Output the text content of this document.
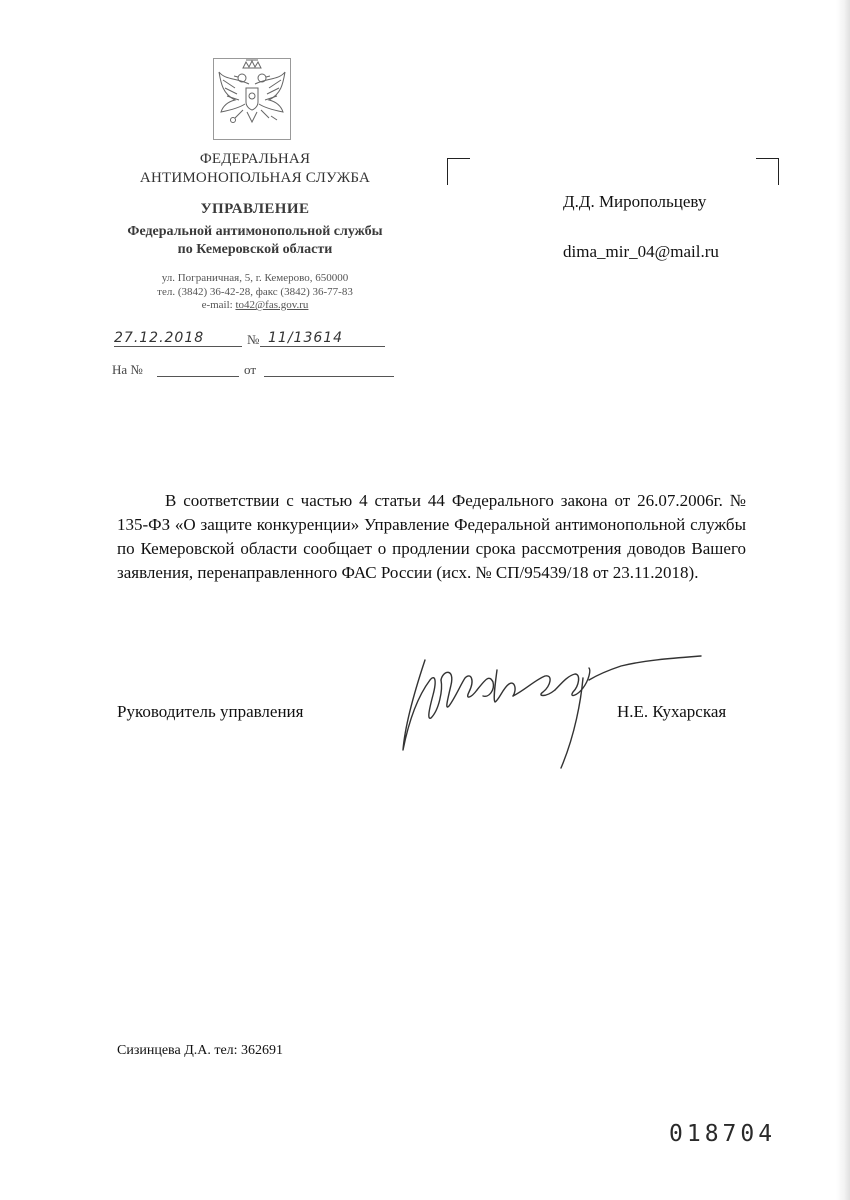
ФЕДЕРАЛЬНАЯ
АНТИМОНОПОЛЬНАЯ СЛУЖБА
УПРАВЛЕНИЕ
Федеральной антимонопольной службы
по Кемеровской области
ул. Пограничная, 5, г. Кемерово, 650000
тел. (3842) 36-42-28, факс (3842) 36-77-83
e-mail: to42@fas.gov.ru
27.12.2018	№ 11/13614
На №	от
Д.Д. Миропольцеву
dima_mir_04@mail.ru
В соответствии с частью 4 статьи 44 Федерального закона от 26.07.2006г. № 135-ФЗ «О защите конкуренции» Управление Федеральной антимонопольной службы по Кемеровской области сообщает о продлении срока рассмотрения доводов Вашего заявления, перенаправленного ФАС России (исх. № СП/95439/18 от 23.11.2018).
Руководитель управления	Н.Е. Кухарская
Сизинцева Д.А. тел: 362691
018704
